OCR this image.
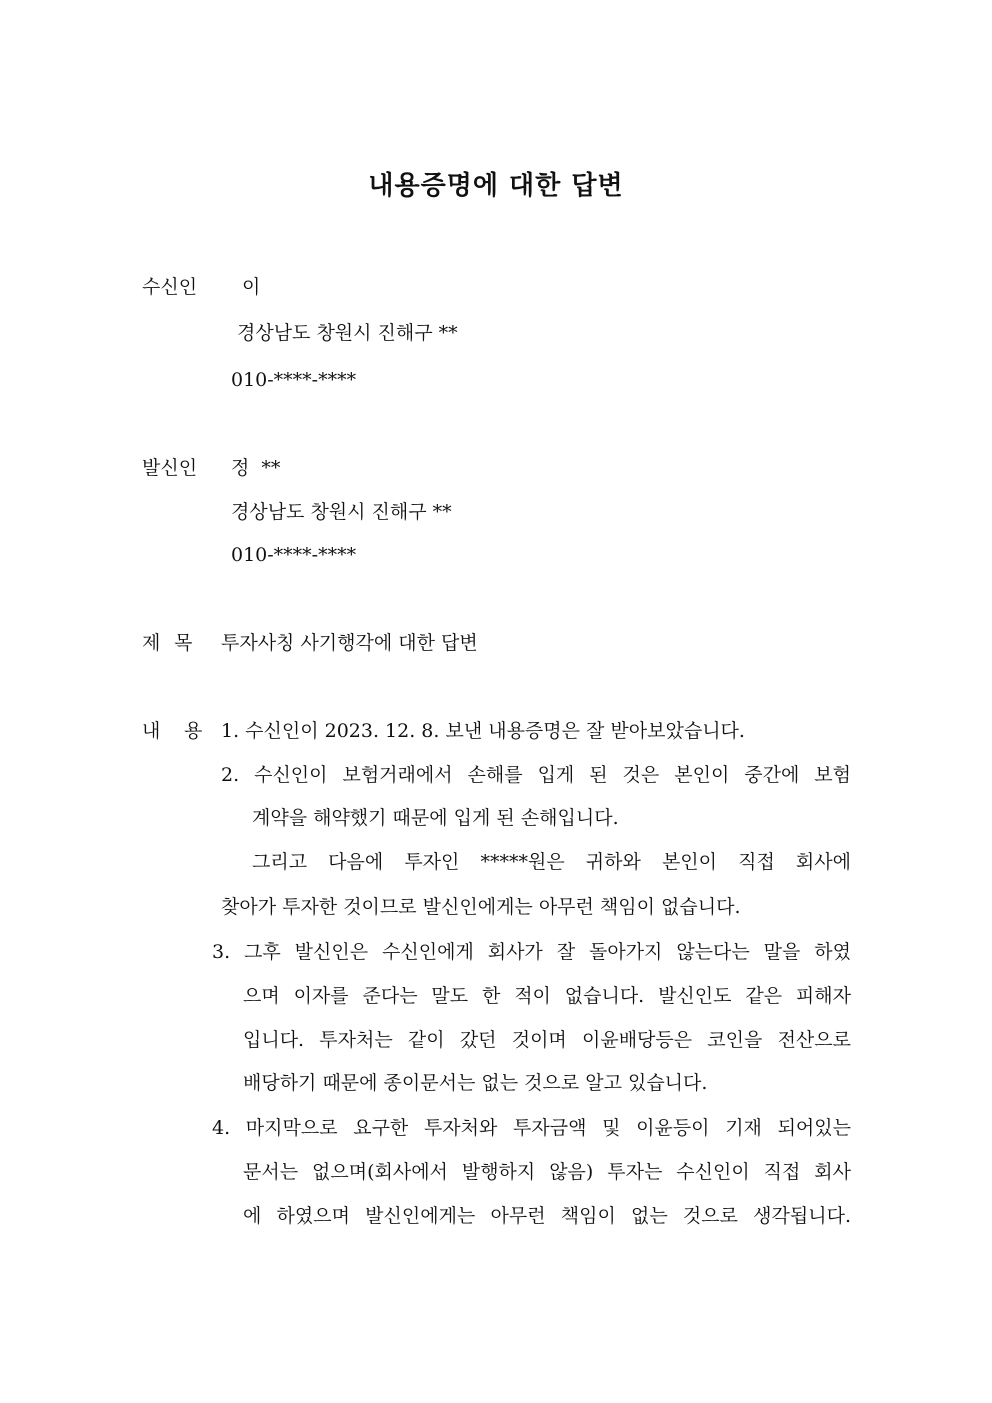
내용증명에 대한 답변
수신인 이
경상남도 창원시 진해구 **
010-****-****
발신인 정  **
경상남도 창원시 진해구 **
010-****-****
제 목 투자사칭 사기행각에 대한 답변
내 용 1. 수신인이 2023. 12. 8. 보낸 내용증명은 잘 받아보았습니다.
2. 수신인이 보험거래에서 손해를 입게 된 것은 본인이 중간에 보험
계약을 해약했기 때문에 입게 된 손해입니다.
그리고 다음에 투자인 *****원은 귀하와 본인이 직접 회사에
찾아가 투자한 것이므로 발신인에게는 아무런 책임이 없습니다.
3. 그후 발신인은 수신인에게 회사가 잘 돌아가지 않는다는 말을 하였
으며 이자를 준다는 말도 한 적이 없습니다. 발신인도 같은 피해자
입니다. 투자처는 같이 갔던 것이며 이윤배당등은 코인을 전산으로
배당하기 때문에 종이문서는 없는 것으로 알고 있습니다.
4. 마지막으로 요구한 투자처와 투자금액 및 이윤등이 기재 되어있는
문서는 없으며(회사에서 발행하지 않음) 투자는 수신인이 직접 회사
에 하였으며 발신인에게는 아무런 책임이 없는 것으로 생각됩니다.
